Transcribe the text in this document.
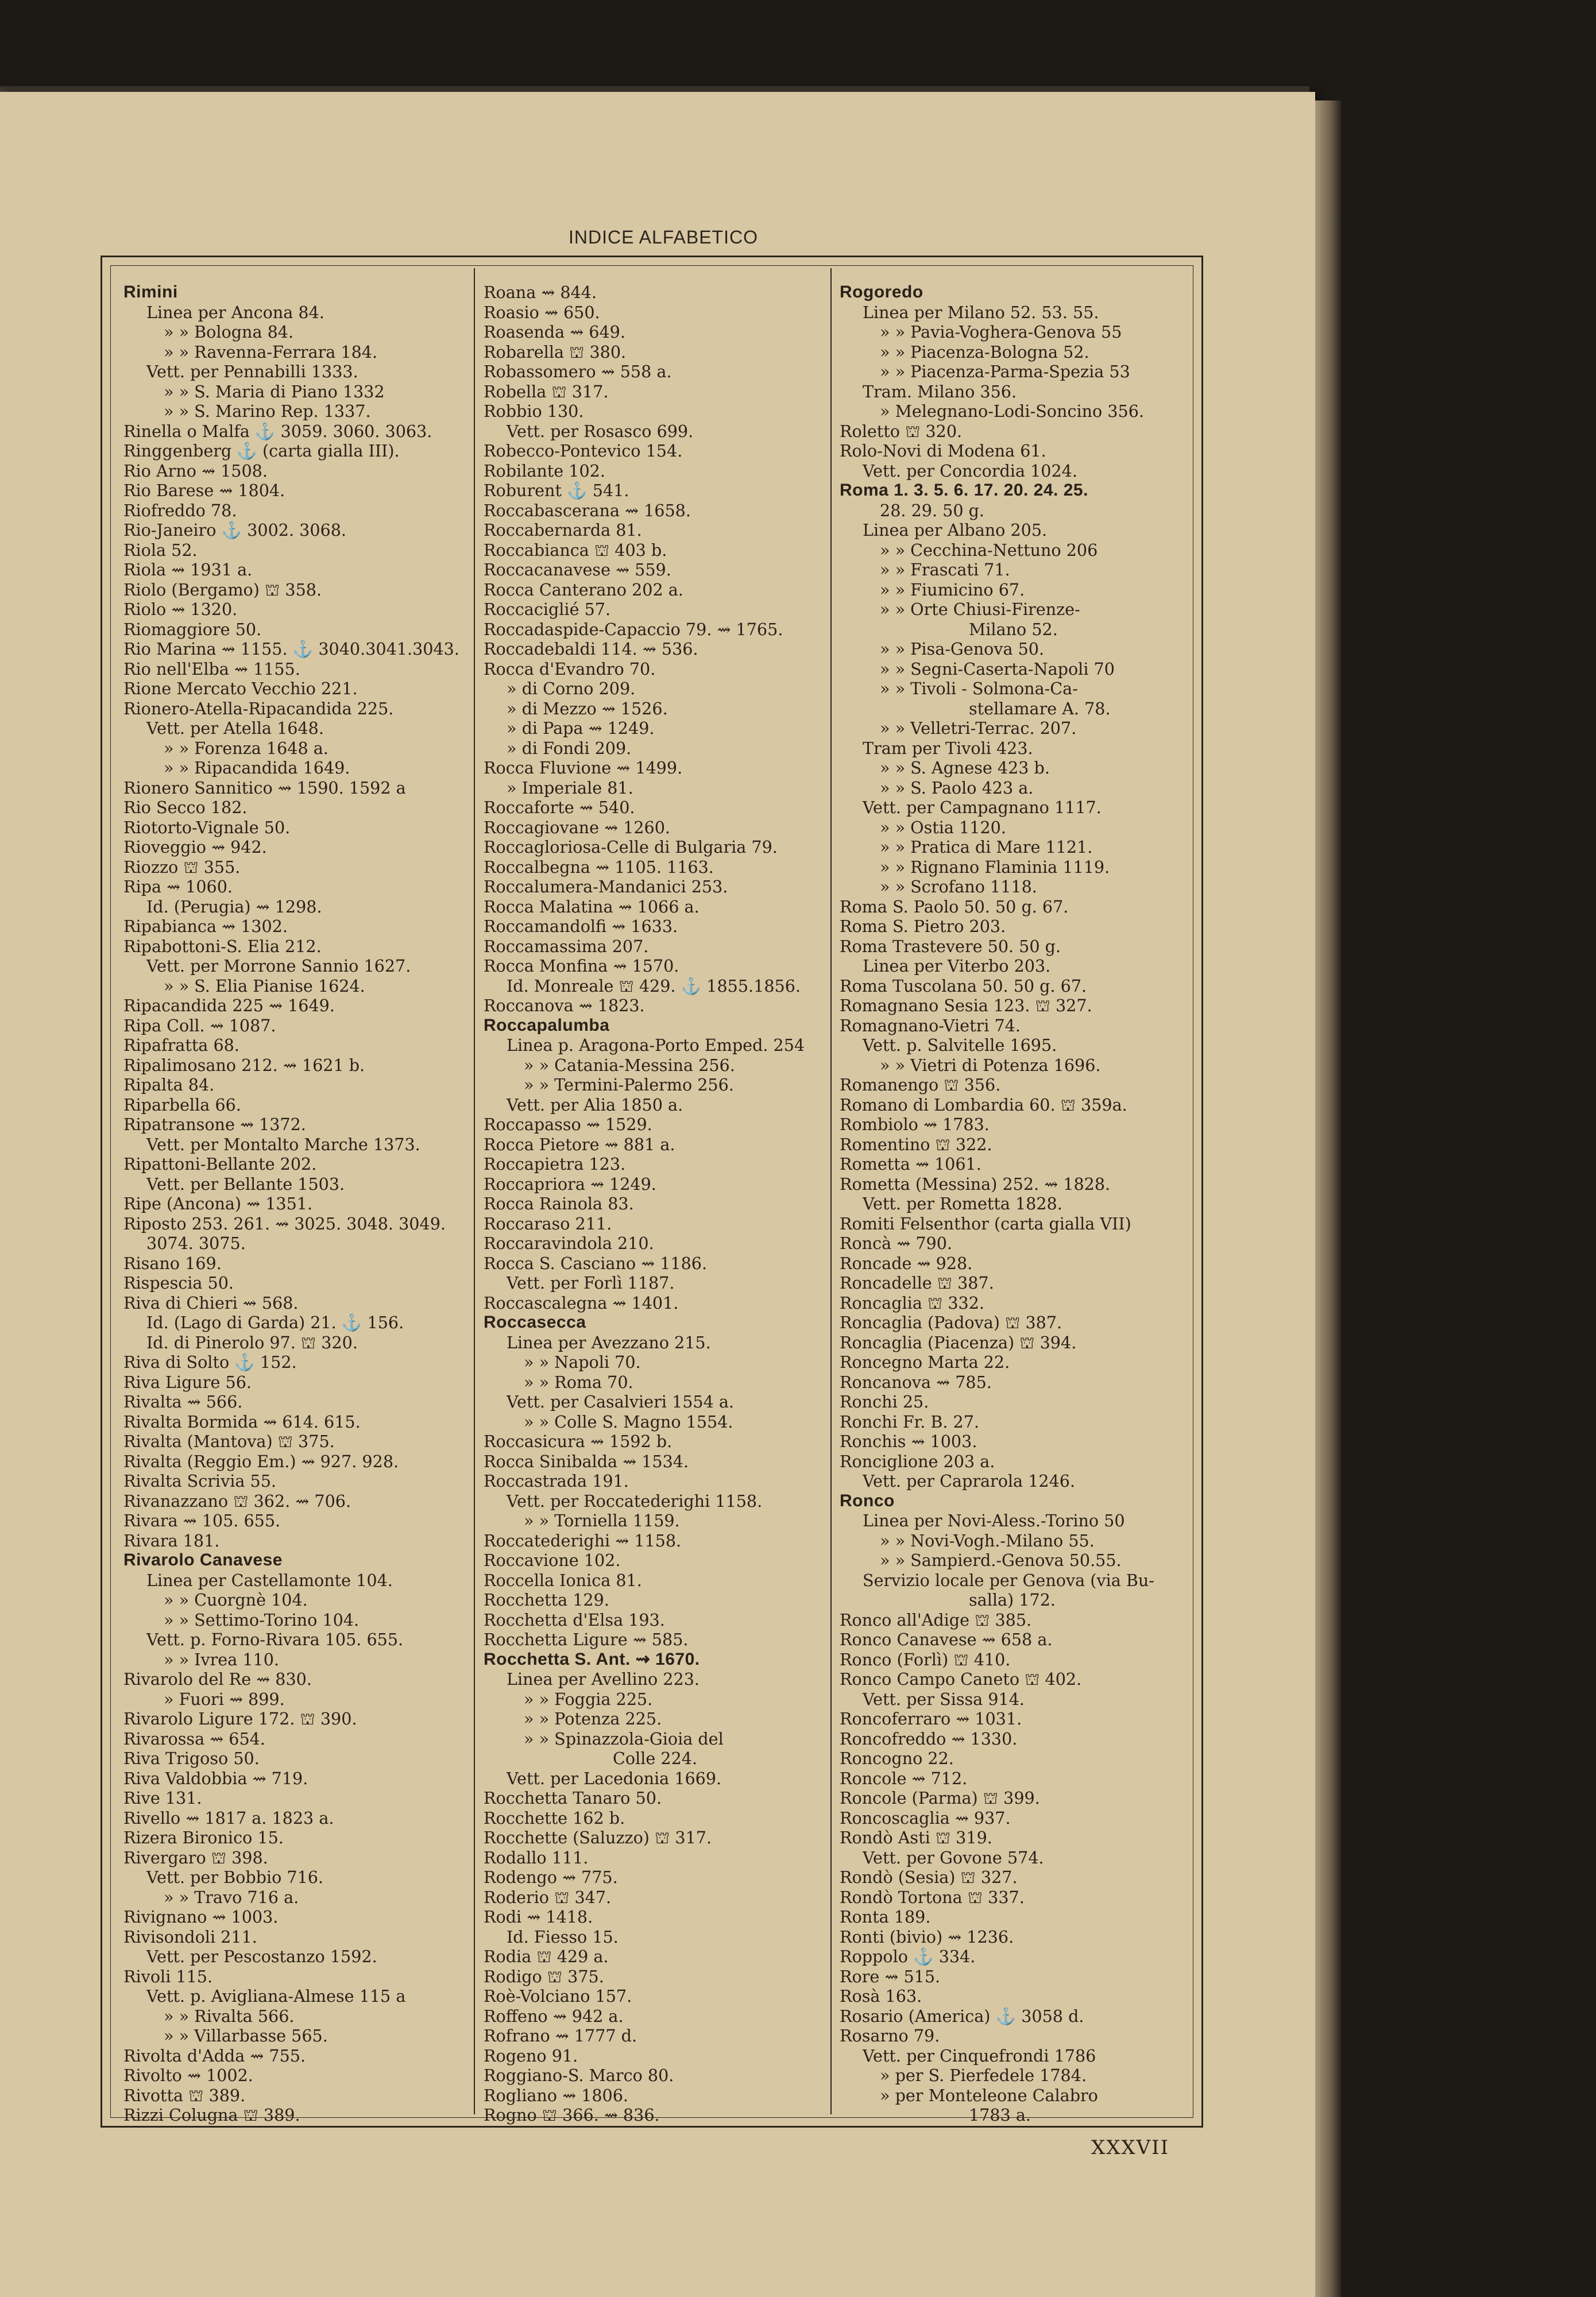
INDICE ALFABETICO
Rimini
Linea per Ancona 84.
» » Bologna 84.
» » Ravenna-Ferrara 184.
Vett. per Pennabilli 1333.
» » S. Maria di Piano 1332
» » S. Marino Rep. 1337.
Rinella o Malfa ⚓ 3059. 3060. 3063.
Ringgenberg ⚓ (carta gialla III).
Rio Arno ⇝ 1508.
Rio Barese ⇝ 1804.
Riofreddo 78.
Rio-Janeiro ⚓ 3002. 3068.
Riola 52.
Riola ⇝ 1931 a.
Riolo (Bergamo) ⛫ 358.
Riolo ⇝ 1320.
Riomaggiore 50.
Rio Marina ⇝ 1155. ⚓ 3040.3041.3043.
Rio nell'Elba ⇝ 1155.
Rione Mercato Vecchio 221.
Rionero-Atella-Ripacandida 225.
Vett. per Atella 1648.
» » Forenza 1648 a.
» » Ripacandida 1649.
Rionero Sannitico ⇝ 1590. 1592 a
Rio Secco 182.
Riotorto-Vignale 50.
Rioveggio ⇝ 942.
Riozzo ⛫ 355.
Ripa ⇝ 1060.
Id. (Perugia) ⇝ 1298.
Ripabianca ⇝ 1302.
Ripabottoni-S. Elia 212.
Vett. per Morrone Sannio 1627.
» » S. Elia Pianise 1624.
Ripacandida 225 ⇝ 1649.
Ripa Coll. ⇝ 1087.
Ripafratta 68.
Ripalimosano 212. ⇝ 1621 b.
Ripalta 84.
Riparbella 66.
Ripatransone ⇝ 1372.
Vett. per Montalto Marche 1373.
Ripattoni-Bellante 202.
Vett. per Bellante 1503.
Ripe (Ancona) ⇝ 1351.
Riposto 253. 261. ⇝ 3025. 3048. 3049.
3074. 3075.
Risano 169.
Rispescia 50.
Riva di Chieri ⇝ 568.
Id. (Lago di Garda) 21. ⚓ 156.
Id. di Pinerolo 97. ⛫ 320.
Riva di Solto ⚓ 152.
Riva Ligure 56.
Rivalta ⇝ 566.
Rivalta Bormida ⇝ 614. 615.
Rivalta (Mantova) ⛫ 375.
Rivalta (Reggio Em.) ⇝ 927. 928.
Rivalta Scrivia 55.
Rivanazzano ⛫ 362. ⇝ 706.
Rivara ⇝ 105. 655.
Rivara 181.
Rivarolo Canavese
Linea per Castellamonte 104.
» » Cuorgnè 104.
» » Settimo-Torino 104.
Vett. p. Forno-Rivara 105. 655.
» » Ivrea 110.
Rivarolo del Re ⇝ 830.
» Fuori ⇝ 899.
Rivarolo Ligure 172. ⛫ 390.
Rivarossa ⇝ 654.
Riva Trigoso 50.
Riva Valdobbia ⇝ 719.
Rive 131.
Rivello ⇝ 1817 a. 1823 a.
Rizera Bironico 15.
Rivergaro ⛫ 398.
Vett. per Bobbio 716.
» » Travo 716 a.
Rivignano ⇝ 1003.
Rivisondoli 211.
Vett. per Pescostanzo 1592.
Rivoli 115.
Vett. p. Avigliana-Almese 115 a
» » Rivalta 566.
» » Villarbasse 565.
Rivolta d'Adda ⇝ 755.
Rivolto ⇝ 1002.
Rivotta ⛫ 389.
Rizzi Colugna ⛫ 389.
Roana ⇝ 844.
Roasio ⇝ 650.
Roasenda ⇝ 649.
Robarella ⛫ 380.
Robassomero ⇝ 558 a.
Robella ⛫ 317.
Robbio 130.
Vett. per Rosasco 699.
Robecco-Pontevico 154.
Robilante 102.
Roburent ⚓ 541.
Roccabascerana ⇝ 1658.
Roccabernarda 81.
Roccabianca ⛫ 403 b.
Roccacanavese ⇝ 559.
Rocca Canterano 202 a.
Roccaciglié 57.
Roccadaspide-Capaccio 79. ⇝ 1765.
Roccadebaldi 114. ⇝ 536.
Rocca d'Evandro 70.
» di Corno 209.
» di Mezzo ⇝ 1526.
» di Papa ⇝ 1249.
» di Fondi 209.
Rocca Fluvione ⇝ 1499.
» Imperiale 81.
Roccaforte ⇝ 540.
Roccagiovane ⇝ 1260.
Roccagloriosa-Celle di Bulgaria 79.
Roccalbegna ⇝ 1105. 1163.
Roccalumera-Mandanici 253.
Rocca Malatina ⇝ 1066 a.
Roccamandolfi ⇝ 1633.
Roccamassima 207.
Rocca Monfina ⇝ 1570.
Id. Monreale ⛫ 429. ⚓ 1855.1856.
Roccanova ⇝ 1823.
Roccapalumba
Linea p. Aragona-Porto Emped. 254
» » Catania-Messina 256.
» » Termini-Palermo 256.
Vett. per Alia 1850 a.
Roccapasso ⇝ 1529.
Rocca Pietore ⇝ 881 a.
Roccapietra 123.
Roccapriora ⇝ 1249.
Rocca Rainola 83.
Roccaraso 211.
Roccaravindola 210.
Rocca S. Casciano ⇝ 1186.
Vett. per Forlì 1187.
Roccascalegna ⇝ 1401.
Roccasecca
Linea per Avezzano 215.
» » Napoli 70.
» » Roma 70.
Vett. per Casalvieri 1554 a.
» » Colle S. Magno 1554.
Roccasicura ⇝ 1592 b.
Rocca Sinibalda ⇝ 1534.
Roccastrada 191.
Vett. per Roccatederighi 1158.
» » Torniella 1159.
Roccatederighi ⇝ 1158.
Roccavione 102.
Roccella Ionica 81.
Rocchetta 129.
Rocchetta d'Elsa 193.
Rocchetta Ligure ⇝ 585.
Rocchetta S. Ant. ⇝ 1670.
Linea per Avellino 223.
» » Foggia 225.
» » Potenza 225.
» » Spinazzola-Gioia del
Colle 224.
Vett. per Lacedonia 1669.
Rocchetta Tanaro 50.
Rocchette 162 b.
Rocchette (Saluzzo) ⛫ 317.
Rodallo 111.
Rodengo ⇝ 775.
Roderio ⛫ 347.
Rodi ⇝ 1418.
Id. Fiesso 15.
Rodia ⛫ 429 a.
Rodigo ⛫ 375.
Roè-Volciano 157.
Roffeno ⇝ 942 a.
Rofrano ⇝ 1777 d.
Rogeno 91.
Roggiano-S. Marco 80.
Rogliano ⇝ 1806.
Rogno ⛫ 366. ⇝ 836.
Rogoredo
Linea per Milano 52. 53. 55.
» » Pavia-Voghera-Genova 55
» » Piacenza-Bologna 52.
» » Piacenza-Parma-Spezia 53
Tram. Milano 356.
» Melegnano-Lodi-Soncino 356.
Roletto ⛫ 320.
Rolo-Novi di Modena 61.
Vett. per Concordia 1024.
Roma 1. 3. 5. 6. 17. 20. 24. 25.
28. 29. 50 g.
Linea per Albano 205.
» » Cecchina-Nettuno 206
» » Frascati 71.
» » Fiumicino 67.
» » Orte Chiusi-Firenze-
Milano 52.
» » Pisa-Genova 50.
» » Segni-Caserta-Napoli 70
» » Tivoli - Solmona-Ca-
stellamare A. 78.
» » Velletri-Terrac. 207.
Tram per Tivoli 423.
» » S. Agnese 423 b.
» » S. Paolo 423 a.
Vett. per Campagnano 1117.
» » Ostia 1120.
» » Pratica di Mare 1121.
» » Rignano Flaminia 1119.
» » Scrofano 1118.
Roma S. Paolo 50. 50 g. 67.
Roma S. Pietro 203.
Roma Trastevere 50. 50 g.
Linea per Viterbo 203.
Roma Tuscolana 50. 50 g. 67.
Romagnano Sesia 123. ⛫ 327.
Romagnano-Vietri 74.
Vett. p. Salvitelle 1695.
» » Vietri di Potenza 1696.
Romanengo ⛫ 356.
Romano di Lombardia 60. ⛫ 359a.
Rombiolo ⇝ 1783.
Romentino ⛫ 322.
Rometta ⇝ 1061.
Rometta (Messina) 252. ⇝ 1828.
Vett. per Rometta 1828.
Romiti Felsenthor (carta gialla VII)
Roncà ⇝ 790.
Roncade ⇝ 928.
Roncadelle ⛫ 387.
Roncaglia ⛫ 332.
Roncaglia (Padova) ⛫ 387.
Roncaglia (Piacenza) ⛫ 394.
Roncegno Marta 22.
Roncanova ⇝ 785.
Ronchi 25.
Ronchi Fr. B. 27.
Ronchis ⇝ 1003.
Ronciglione 203 a.
Vett. per Caprarola 1246.
Ronco
Linea per Novi-Aless.-Torino 50
» » Novi-Vogh.-Milano 55.
» » Sampierd.-Genova 50.55.
Servizio locale per Genova (via Bu-
salla) 172.
Ronco all'Adige ⛫ 385.
Ronco Canavese ⇝ 658 a.
Ronco (Forlì) ⛫ 410.
Ronco Campo Caneto ⛫ 402.
Vett. per Sissa 914.
Roncoferraro ⇝ 1031.
Roncofreddo ⇝ 1330.
Roncogno 22.
Roncole ⇝ 712.
Roncole (Parma) ⛫ 399.
Roncoscaglia ⇝ 937.
Rondò Asti ⛫ 319.
Vett. per Govone 574.
Rondò (Sesia) ⛫ 327.
Rondò Tortona ⛫ 337.
Ronta 189.
Ronti (bivio) ⇝ 1236.
Roppolo ⚓ 334.
Rore ⇝ 515.
Rosà 163.
Rosario (America) ⚓ 3058 d.
Rosarno 79.
Vett. per Cinquefrondi 1786
» per S. Pierfedele 1784.
» per Monteleone Calabro
1783 a.
XXXVII
